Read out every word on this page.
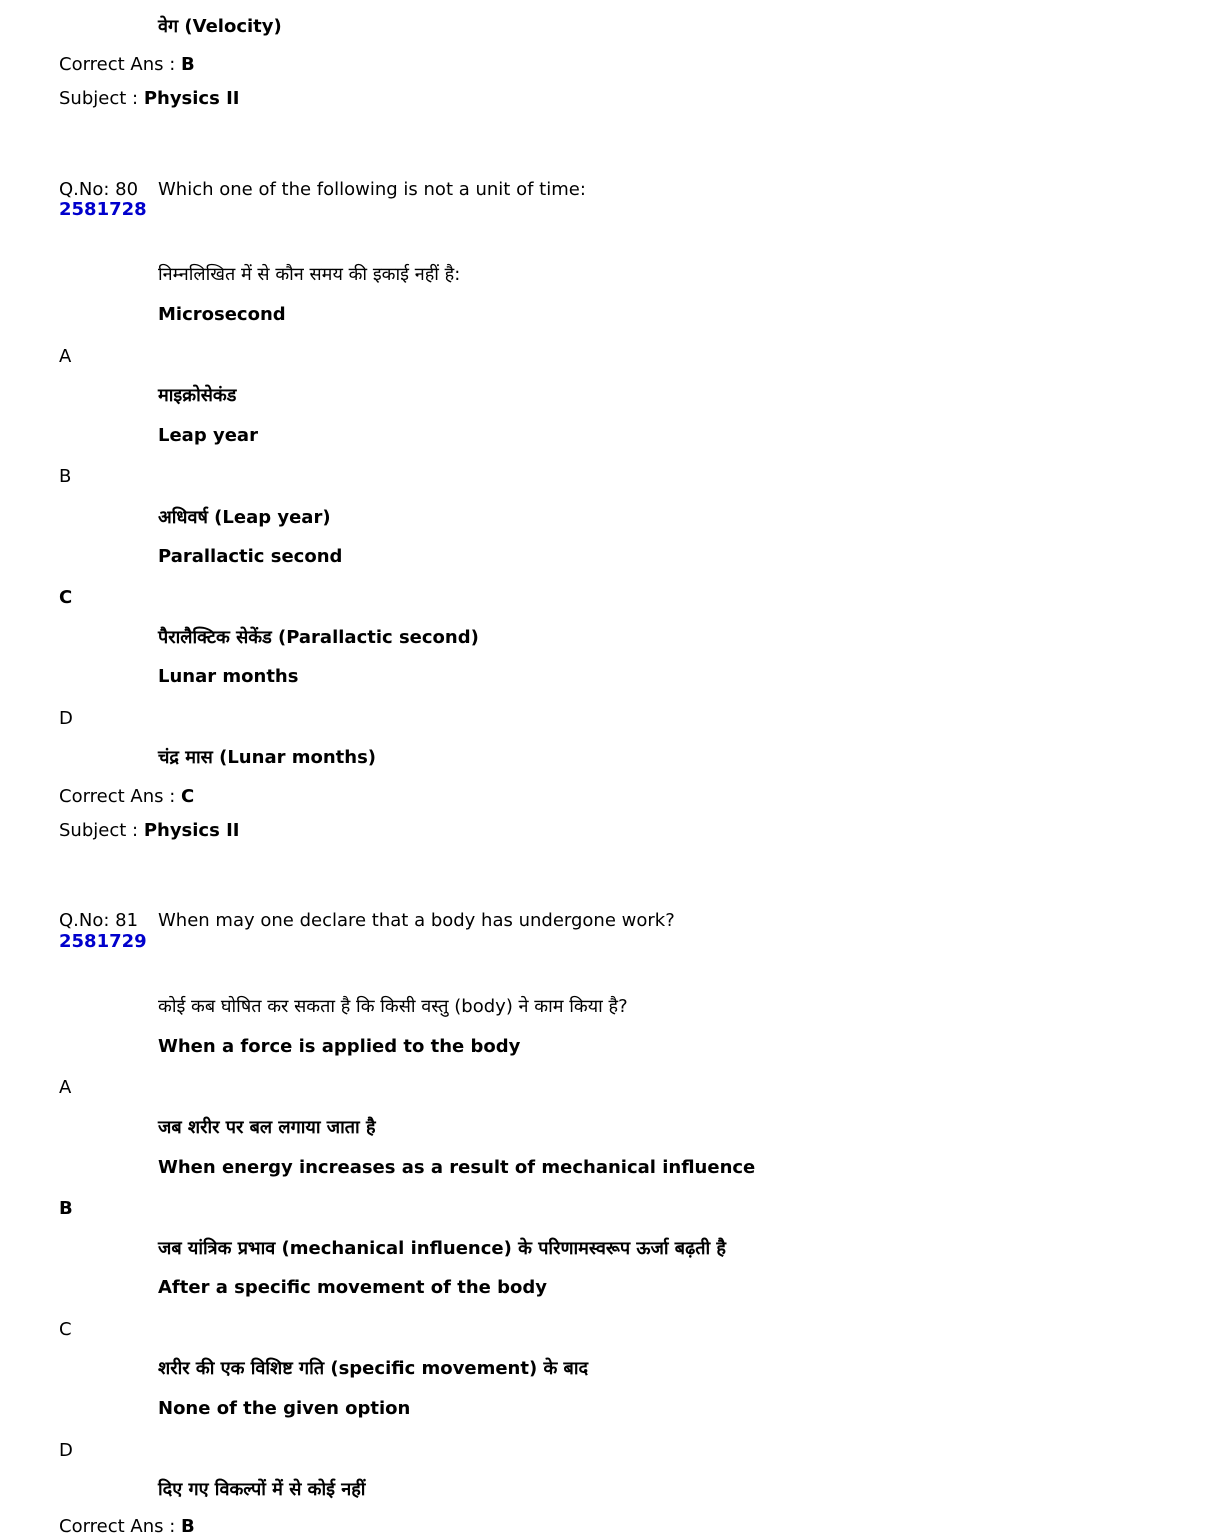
वेग (Velocity)
Correct Ans : B
Subject : Physics II
Q.No: 80 Which one of the following is not a unit of time:
2581728
निम्नलिखित में से कौन समय की इकाई नहीं है:
Microsecond
A
माइक्रोसेकंड
Leap year
B
अधिवर्ष (Leap year)
Parallactic second
C
पैरालैक्टिक सेकेंड (Parallactic second)
Lunar months
D
चंद्र मास (Lunar months)
Correct Ans : C
Subject : Physics II
Q.No: 81 When may one declare that a body has undergone work?
2581729
कोई कब घोषित कर सकता है कि किसी वस्तु (body) ने काम किया है?
When a force is applied to the body
A
जब शरीर पर बल लगाया जाता है
When energy increases as a result of mechanical influence
B
जब यांत्रिक प्रभाव (mechanical influence) के परिणामस्वरूप ऊर्जा बढ़ती है
After a specific movement of the body
C
शरीर की एक विशिष्ट गति (specific movement) के बाद
None of the given option
D
दिए गए विकल्पों में से कोई नहीं
Correct Ans : B
